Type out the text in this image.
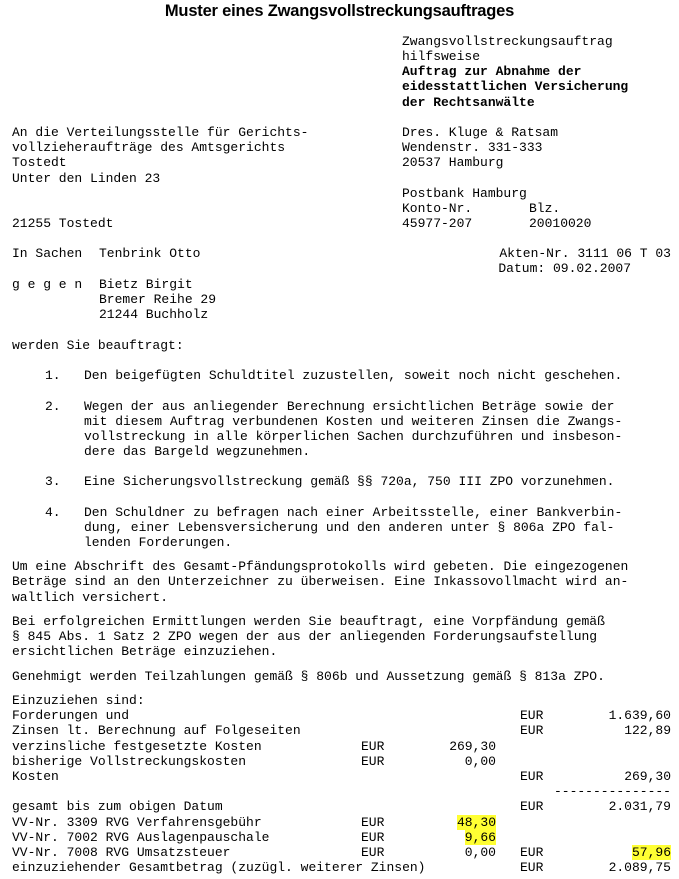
Muster eines Zwangsvollstreckungsauftrages
Zwangsvollstreckungsauftrag
hilfsweise
Auftrag zur Abnahme der
eidesstattlichen Versicherung
der Rechtsanwälte
An die Verteilungsstelle für Gerichts-
vollzieheraufträge des Amtsgerichts
Tostedt
Unter den Linden 23
21255 Tostedt
Dres. Kluge & Ratsam
Wendenstr. 331-333
20537 Hamburg
Postbank Hamburg
Konto-Nr.	Blz.
45977-207	20010020
In Sachen Tenbrink Otto	Akten-Nr. 3111 06 T 03
Datum: 09.02.2007
g e g e n Bietz Birgit
Bremer Reihe 29
21244 Buchholz
werden Sie beauftragt:
1. Den beigefügten Schuldtitel zuzustellen, soweit noch nicht geschehen.
2. Wegen der aus anliegender Berechnung ersichtlichen Beträge sowie der
mit diesem Auftrag verbundenen Kosten und weiteren Zinsen die Zwangs-
vollstreckung in alle körperlichen Sachen durchzuführen und insbeson-
dere das Bargeld wegzunehmen.
3. Eine Sicherungsvollstreckung gemäß §§ 720a, 750 III ZPO vorzunehmen.
4. Den Schuldner zu befragen nach einer Arbeitsstelle, einer Bankverbin-
dung, einer Lebensversicherung und den anderen unter § 806a ZPO fal-
lenden Forderungen.
Um eine Abschrift des Gesamt-Pfändungsprotokolls wird gebeten. Die eingezogenen
Beträge sind an den Unterzeichner zu überweisen. Eine Inkassovollmacht wird an-
waltlich versichert.
Bei erfolgreichen Ermittlungen werden Sie beauftragt, eine Vorpfändung gemäß
§ 845 Abs. 1 Satz 2 ZPO wegen der aus der anliegenden Forderungsaufstellung
ersichtlichen Beträge einzuziehen.
Genehmigt werden Teilzahlungen gemäß § 806b und Aussetzung gemäß § 813a ZPO.
Einzuziehen sind:
Forderungen und	EUR	1.639,60
Zinsen lt. Berechnung auf Folgeseiten	EUR	122,89
verzinsliche festgesetzte Kosten	EUR	269,30
bisherige Vollstreckungskosten	EUR	0,00
Kosten	EUR	269,30
---------------
gesamt bis zum obigen Datum	EUR	2.031,79
VV-Nr. 3309 RVG Verfahrensgebühr	EUR	48,30
VV-Nr. 7002 RVG Auslagenpauschale	EUR	9,66
VV-Nr. 7008 RVG Umsatzsteuer	EUR	0,00 EUR	57,96
einzuziehender Gesamtbetrag (zuzügl. weiterer Zinsen)	EUR	2.089,75
